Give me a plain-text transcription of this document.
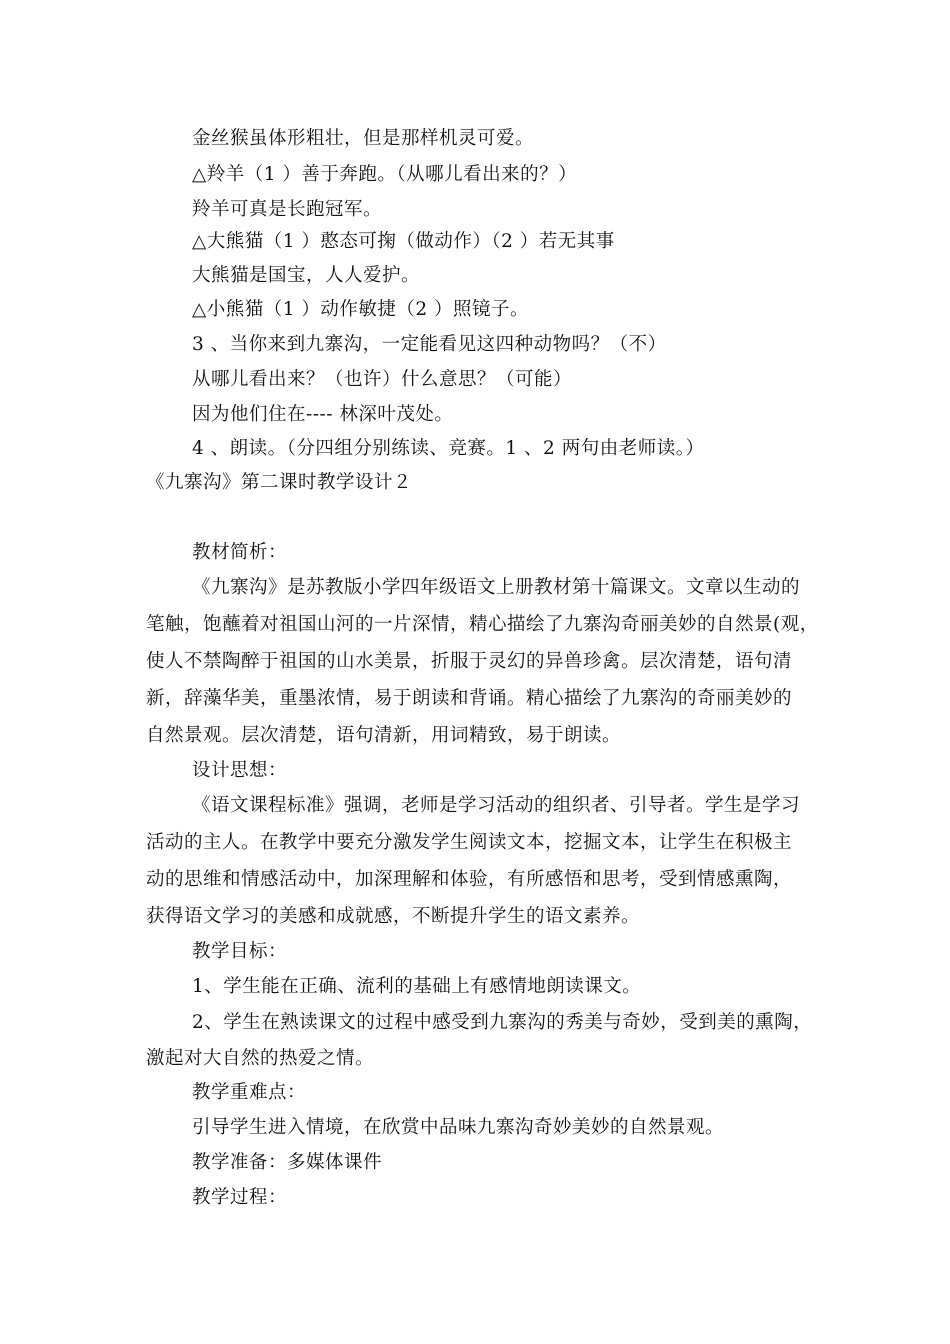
金丝猴虽体形粗壮，但是那样机灵可爱。
△羚羊（1 ）善于奔跑。（从哪儿看出来的？）
羚羊可真是长跑冠军。
△大熊猫（1 ）憨态可掬（做动作）（2 ）若无其事
大熊猫是国宝，人人爱护。
△小熊猫（1 ）动作敏捷（2 ）照镜子。
3 、当你来到九寨沟，一定能看见这四种动物吗？（不）
从哪儿看出来？（也许）什么意思？（可能）
因为他们住在---- 林深叶茂处。
4 、朗读。（分四组分别练读、竞赛。1 、2 两句由老师读。）
《九寨沟》第二课时教学设计２
教材简析：
《九寨沟》是苏教版小学四年级语文上册教材第十篇课文。文章以生动的
笔触，饱蘸着对祖国山河的一片深情，精心描绘了九寨沟奇丽美妙的自然景(观，
使人不禁陶醉于祖国的山水美景，折服于灵幻的异兽珍禽。层次清楚，语句清
新，辞藻华美，重墨浓情，易于朗读和背诵。精心描绘了九寨沟的奇丽美妙的
自然景观。层次清楚，语句清新，用词精致，易于朗读。
设计思想：
《语文课程标准》强调，老师是学习活动的组织者、引导者。学生是学习
活动的主人。在教学中要充分激发学生阅读文本，挖掘文本，让学生在积极主
动的思维和情感活动中，加深理解和体验，有所感悟和思考，受到情感熏陶，
获得语文学习的美感和成就感，不断提升学生的语文素养。
教学目标：
1、学生能在正确、流利的基础上有感情地朗读课文。
2、学生在熟读课文的过程中感受到九寨沟的秀美与奇妙，受到美的熏陶，
激起对大自然的热爱之情。
教学重难点：
引导学生进入情境，在欣赏中品味九寨沟奇妙美妙的自然景观。
教学准备：多媒体课件
教学过程：
